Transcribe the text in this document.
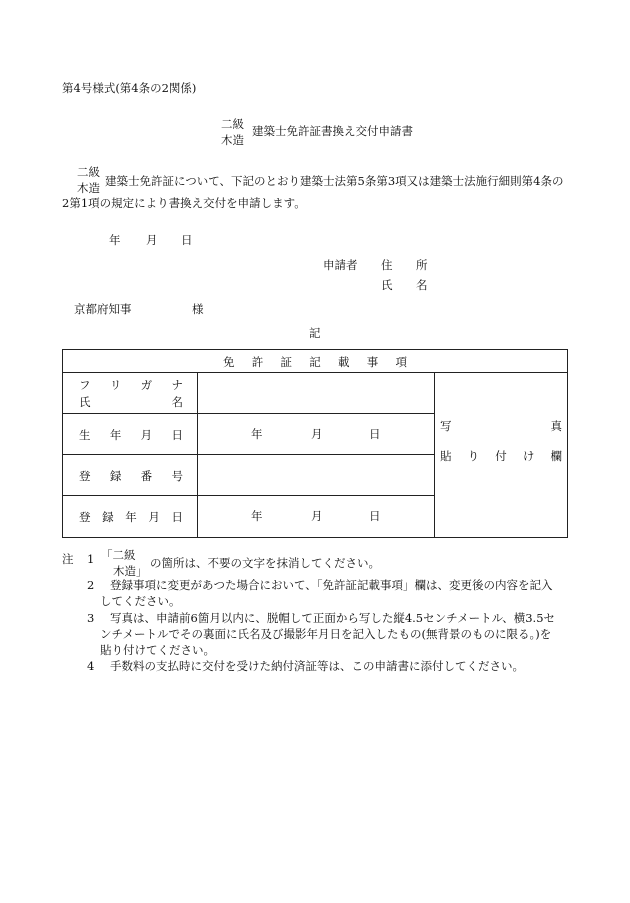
第4号様式(第4条の2関係)
二級
木造
建築士免許証書換え交付申請書
二級
木造 建築士免許証について、下記のとおり建築士法第5条第3項又は建築士法施行細則第4条の
2第1項の規定により書換え交付を申請します。
年 月 日
申請者 住 所
氏 名
京都府知事	様
記
免 許 証 記 載 事 項
フ リ ガ ナ
氏	名
生 年 月 日	年	月	日
登 録 番 号
登 録 年 月 日	年	月	日
写	真
貼 り 付 け 欄
注 1 「二級
木造」
の箇所は、不要の文字を抹消してください。
2 登録事項に変更があつた場合において、「免許証記載事項」欄は、変更後の内容を記入
してください。
3 写真は、申請前6箇月以内に、脱帽して正面から写した縦4.5センチメートル、横3.5セ
ンチメートルでその裏面に氏名及び撮影年月日を記入したもの(無背景のものに限る。)を
貼り付けてください。
4 手数料の支払時に交付を受けた納付済証等は、この申請書に添付してください。
